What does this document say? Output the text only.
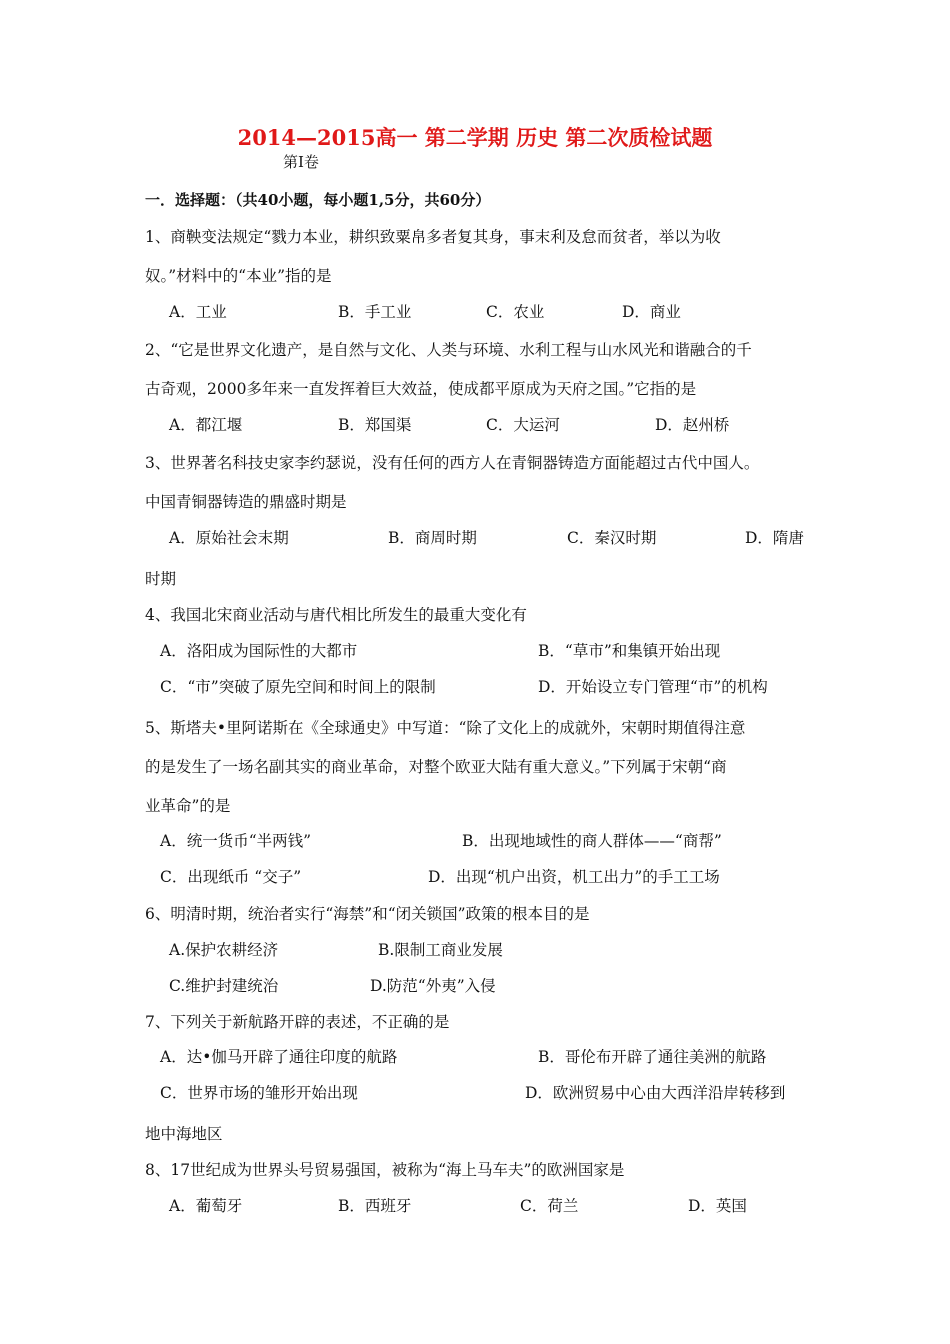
2014—2015高一 第二学期 历史 第二次质检试题
第Ⅰ卷
一．选择题：（共40小题，每小题1,5分，共60分）
1、商鞅变法规定“戮力本业，耕织致粟帛多者复其身，事末利及怠而贫者，举以为收
奴。”材料中的“本业”指的是
A．工业	B．手工业	C．农业	D．商业
2、“它是世界文化遗产，是自然与文化、人类与环境、水利工程与山水风光和谐融合的千
古奇观，2000多年来一直发挥着巨大效益，使成都平原成为天府之国。”它指的是
A．都江堰	B．郑国渠	C．大运河	D．赵州桥
3、世界著名科技史家李约瑟说，没有任何的西方人在青铜器铸造方面能超过古代中国人。
中国青铜器铸造的鼎盛时期是
A．原始社会末期	B．商周时期	C．秦汉时期	D．隋唐
时期
4、我国北宋商业活动与唐代相比所发生的最重大变化有
A．洛阳成为国际性的大都市	B．“草市”和集镇开始出现
C．“市”突破了原先空间和时间上的限制	D．开始设立专门管理“市”的机构
5、斯塔夫•里阿诺斯在《全球通史》中写道：“除了文化上的成就外，宋朝时期值得注意
的是发生了一场名副其实的商业革命，对整个欧亚大陆有重大意义。”下列属于宋朝“商
业革命”的是
A．统一货币“半两钱”	B．出现地域性的商人群体——“商帮”
C．出现纸币 “交子”	D．出现“机户出资，机工出力”的手工工场
6、明清时期，统治者实行“海禁”和“闭关锁国”政策的根本目的是
A.保护农耕经济	B.限制工商业发展
C.维护封建统治	D.防范“外夷”入侵
7、下列关于新航路开辟的表述，不正确的是
A．达•伽马开辟了通往印度的航路	B．哥伦布开辟了通往美洲的航路
C．世界市场的雏形开始出现	D．欧洲贸易中心由大西洋沿岸转移到
地中海地区
8、17世纪成为世界头号贸易强国，被称为“海上马车夫”的欧洲国家是
A．葡萄牙	B．西班牙	C．荷兰	D．英国
